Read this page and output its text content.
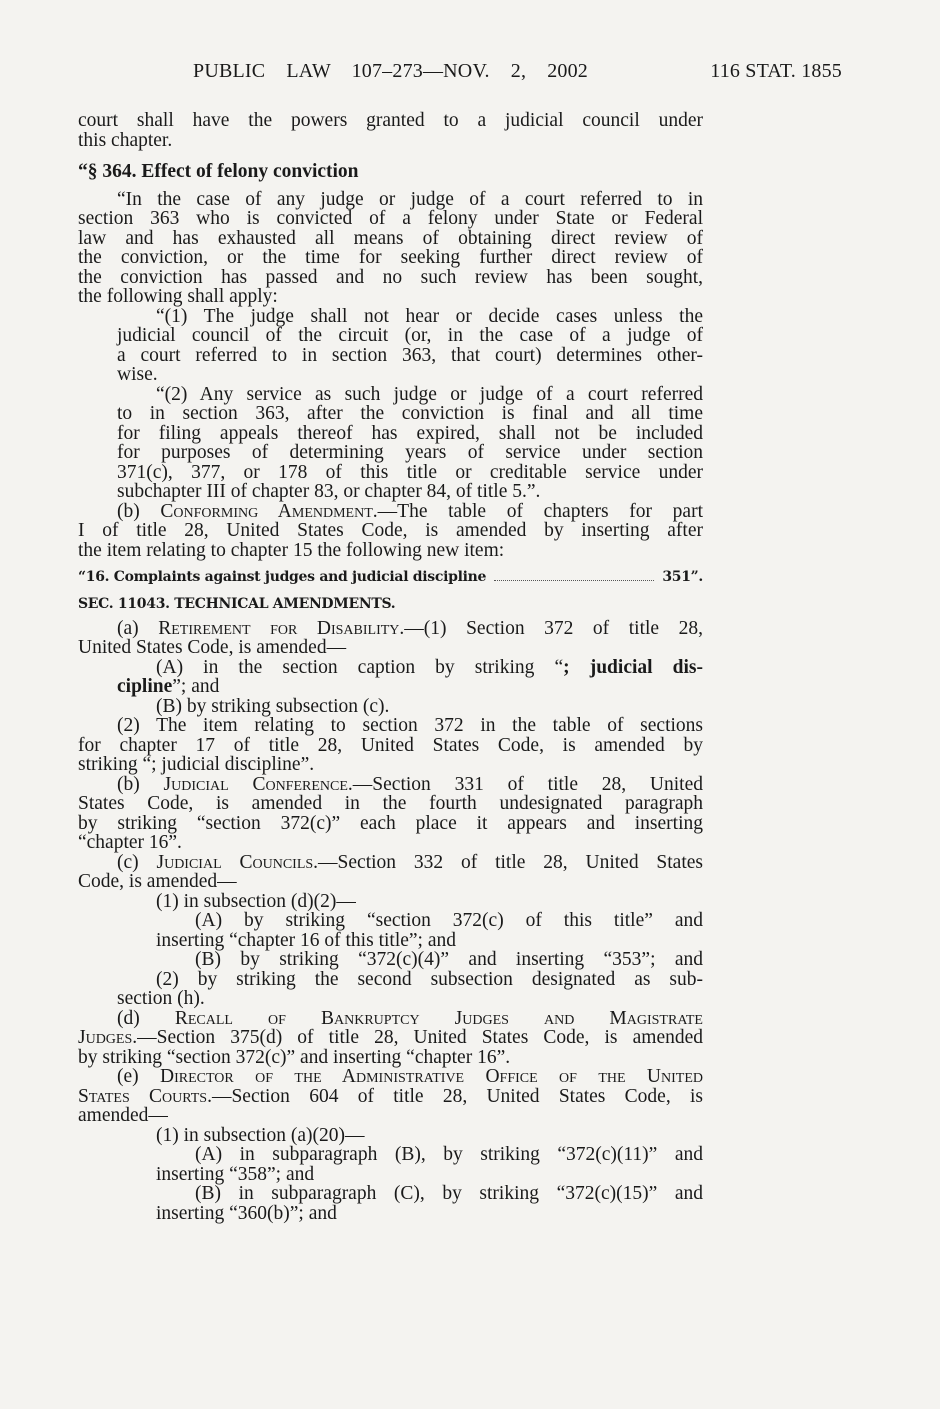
PUBLIC LAW 107–273—NOV. 2, 2002	116 STAT. 1855
court shall have the powers granted to a judicial council under
this chapter.
“§ 364. Effect of felony conviction
“In the case of any judge or judge of a court referred to in
section 363 who is convicted of a felony under State or Federal
law and has exhausted all means of obtaining direct review of
the conviction, or the time for seeking further direct review of
the conviction has passed and no such review has been sought,
the following shall apply:
“(1) The judge shall not hear or decide cases unless the
judicial council of the circuit (or, in the case of a judge of
a court referred to in section 363, that court) determines other-
wise.
“(2) Any service as such judge or judge of a court referred
to in section 363, after the conviction is final and all time
for filing appeals thereof has expired, shall not be included
for purposes of determining years of service under section
371(c), 377, or 178 of this title or creditable service under
subchapter III of chapter 83, or chapter 84, of title 5.”.
(b) Conforming Amendment.—The table of chapters for part
I of title 28, United States Code, is amended by inserting after
the item relating to chapter 15 the following new item:
(a) Retirement for Disability.—(1) Section 372 of title 28,
United States Code, is amended—
(A) in the section caption by striking “; judicial dis-
cipline”; and
(B) by striking subsection (c).
(2) The item relating to section 372 in the table of sections
for chapter 17 of title 28, United States Code, is amended by
striking “; judicial discipline”.
(b) Judicial Conference.—Section 331 of title 28, United
States Code, is amended in the fourth undesignated paragraph
by striking “section 372(c)” each place it appears and inserting
“chapter 16”.
(c) Judicial Councils.—Section 332 of title 28, United States
Code, is amended—
(1) in subsection (d)(2)—
(A) by striking “section 372(c) of this title” and
inserting “chapter 16 of this title”; and
(B) by striking “372(c)(4)” and inserting “353”; and
(2) by striking the second subsection designated as sub-
section (h).
(d) Recall of Bankruptcy Judges and Magistrate
Judges.—Section 375(d) of title 28, United States Code, is amended
by striking “section 372(c)” and inserting “chapter 16”.
(e) Director of the Administrative Office of the United
States Courts.—Section 604 of title 28, United States Code, is
amended—
(1) in subsection (a)(20)—
(A) in subparagraph (B), by striking “372(c)(11)” and
inserting “358”; and
(B) in subparagraph (C), by striking “372(c)(15)” and
inserting “360(b)”; and
“16. Complaints against judges and judicial discipline	351”.
SEC. 11043. TECHNICAL AMENDMENTS.
